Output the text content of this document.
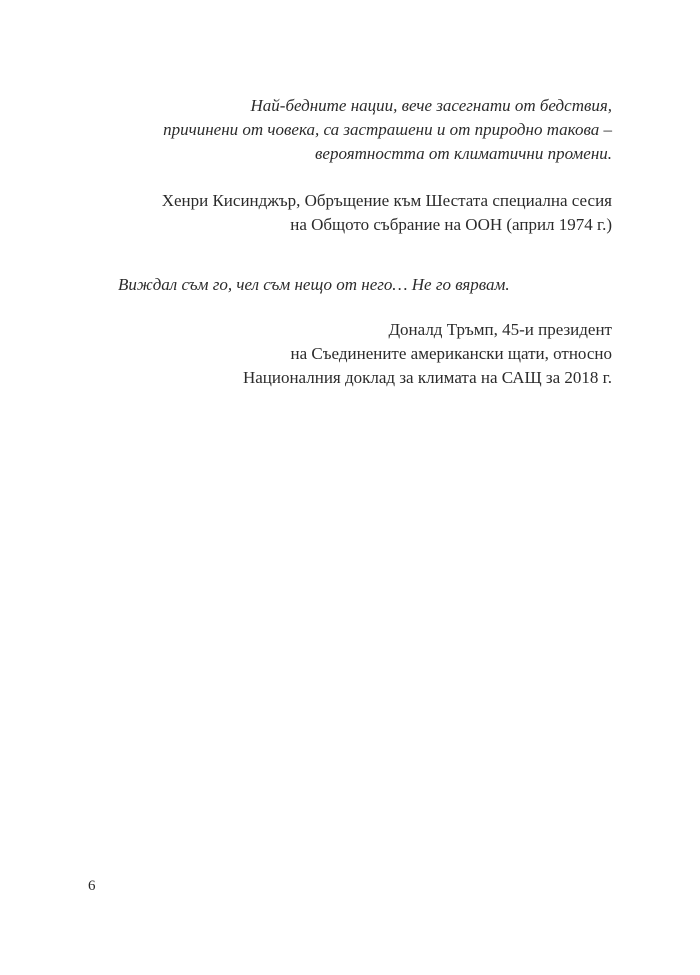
Най-бедните нации, вече засегнати от бедствия,
причинени от човека, са застрашени и от природно такова –
вероятността от климатични промени.
Хенри Кисинджър, Обръщение към Шестата специална сесия
на Общото събрание на ООН (април 1974 г.)
Виждал съм го, чел съм нещо от него… Не го вярвам.
Доналд Тръмп, 45-и президент
на Съединените американски щати, относно
Националния доклад за климата на САЩ за 2018 г.
6
